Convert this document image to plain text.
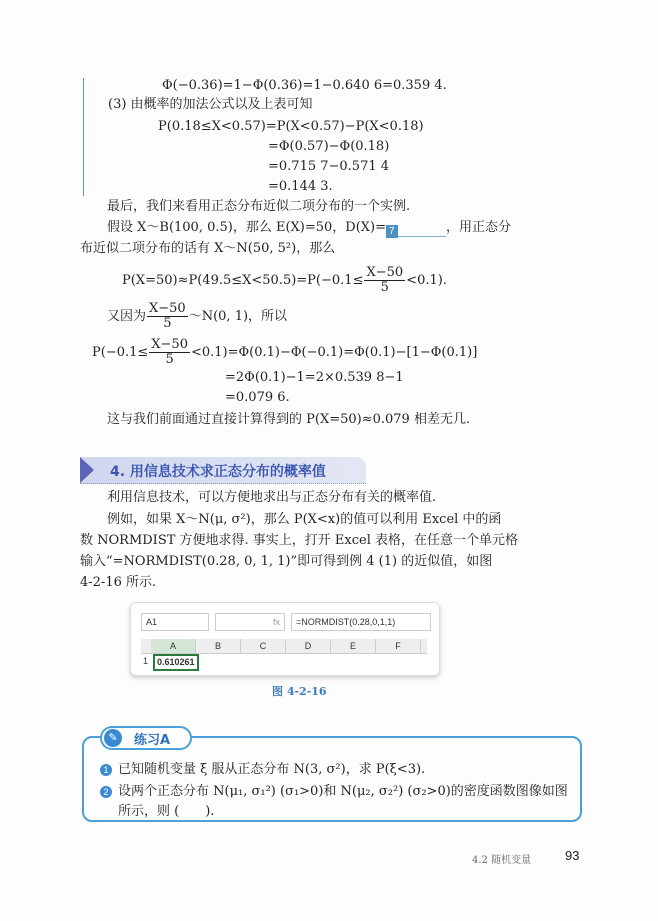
Φ(−0.36)=1−Φ(0.36)=1−0.640 6=0.359 4.
(3) 由概率的加法公式以及上表可知
P(0.18≤X<0.57)=P(X<0.57)−P(X<0.18)
=Φ(0.57)−Φ(0.18)
=0.715 7−0.571 4
=0.144 3.
最后，我们来看用正态分布近似二项分布的一个实例.
假设 X～B(100, 0.5)，那么 E(X)=50，D(X)= 7	，用正态分
布近似二项分布的话有 X～N(50, 5²)，那么
$P(X=50)\approx P(49.5\le X<50.5)=P(-0.1\le \frac{X-50}{5} <0.1)$.
又因为 $\frac{X-50}{5}$ ～N(0, 1)，所以
$P(-0.1\le \frac{X-50}{5} <0.1)=\Phi(0.1)-\Phi(-0.1)=\Phi(0.1)-[1-\Phi(0.1)]$
=2Φ(0.1)−1=2×0.539 8−1
=0.079 6.
这与我们前面通过直接计算得到的 P(X=50)≈0.079 相差无几.
4. 用信息技术求正态分布的概率值
利用信息技术，可以方便地求出与正态分布有关的概率值.
例如，如果 X～N(μ, σ²)，那么 P(X<x)的值可以利用 Excel 中的函
数 NORMDIST 方便地求得. 事实上，打开 Excel 表格，在任意一个单元格
输入“=NORMDIST(0.28, 0, 1, 1)”即可得到例 4 (1) 的近似值，如图
4-2-16 所示.
A1	fx	=NORMDIST(0.28,0,1,1)
A	B	C	D	E	F
1 0.610261
图 4-2-16
✎	练习A
1 已知随机变量 ξ 服从正态分布 N(3, σ²)，求 P(ξ<3).
2 设两个正态分布 N(μ₁, σ₁²) (σ₁>0)和 N(μ₂, σ₂²) (σ₂>0)的密度函数图像如图
所示，则 (　　).
4.2 随机变量	93
